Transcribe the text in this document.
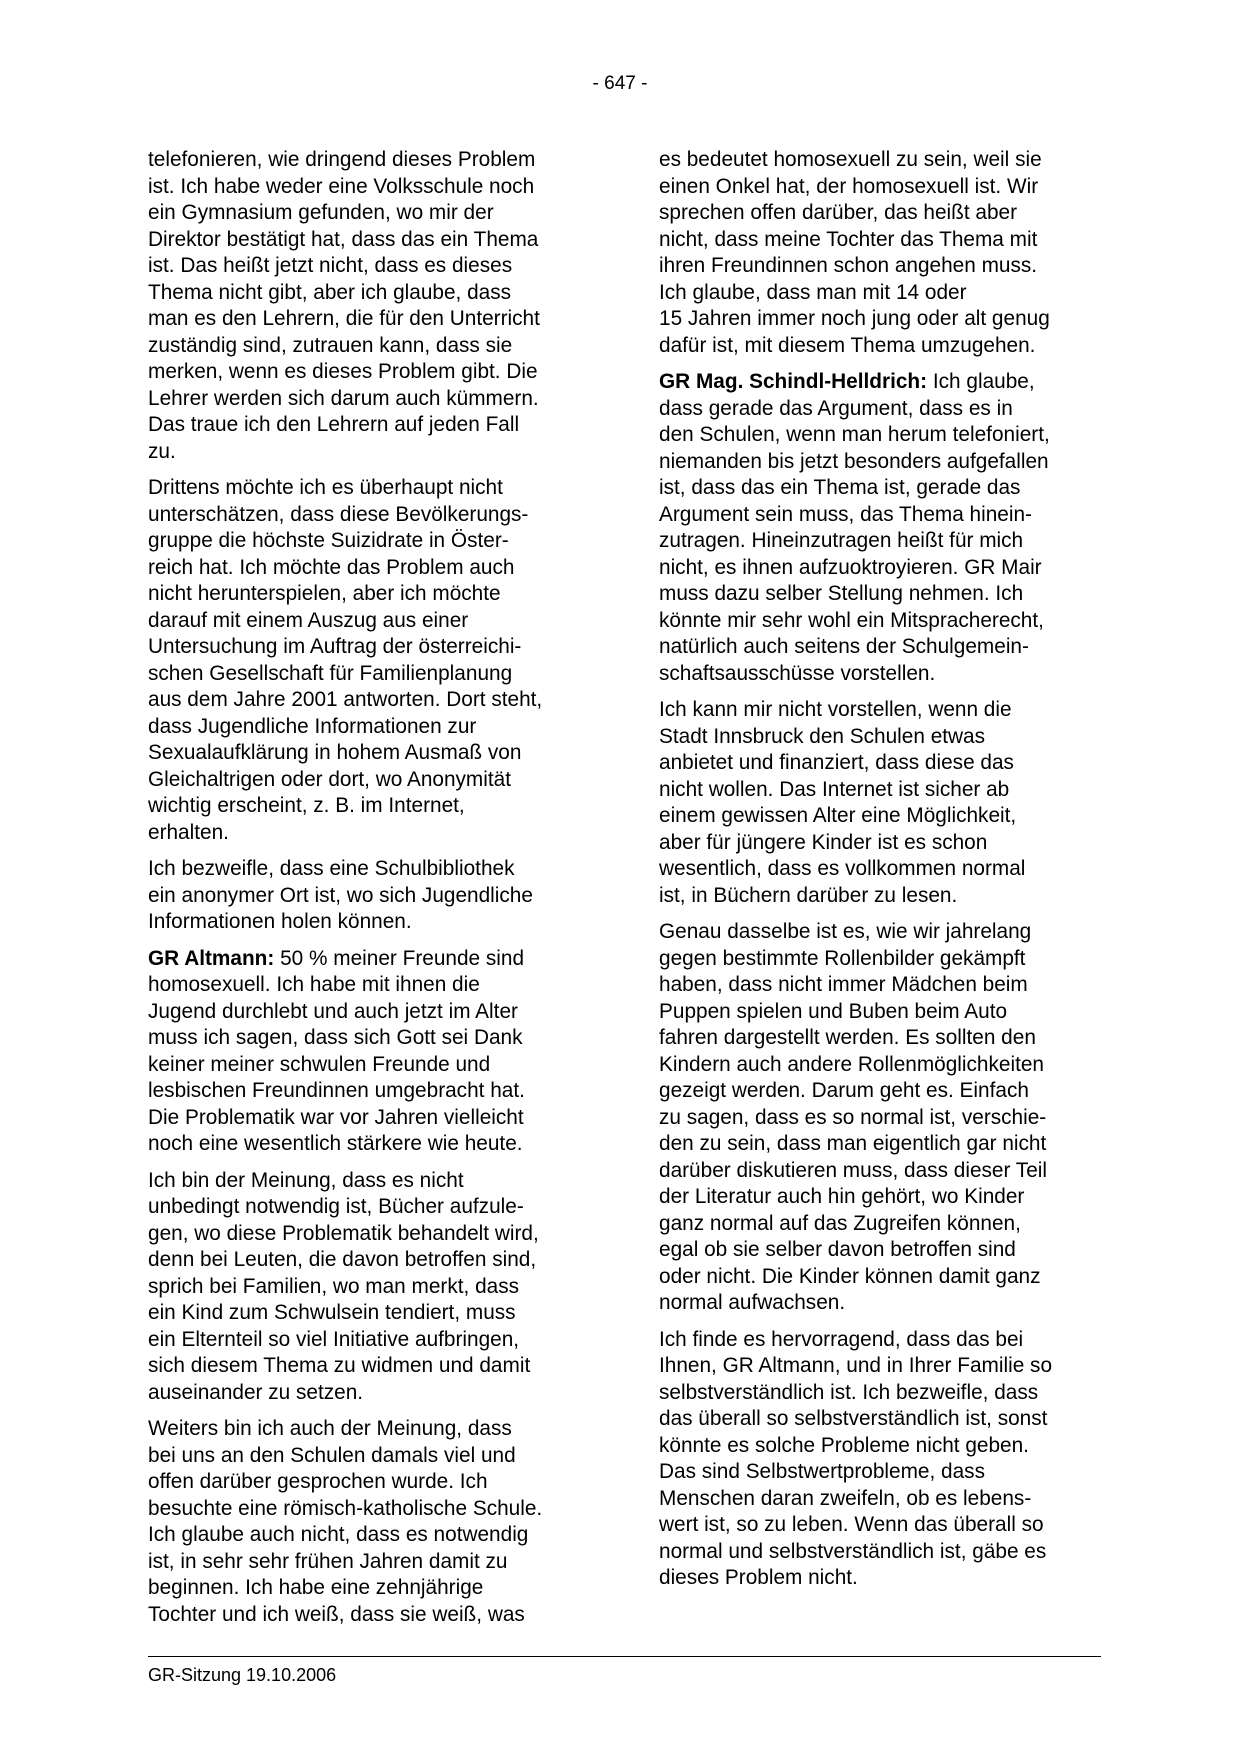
- 647 -

telefonieren, wie dringend dieses Problem
ist. Ich habe weder eine Volksschule noch
ein Gymnasium gefunden, wo mir der
Direktor bestätigt hat, dass das ein Thema
ist. Das heißt jetzt nicht, dass es dieses
Thema nicht gibt, aber ich glaube, dass
man es den Lehrern, die für den Unterricht
zuständig sind, zutrauen kann, dass sie
merken, wenn es dieses Problem gibt. Die
Lehrer werden sich darum auch kümmern.
Das traue ich den Lehrern auf jeden Fall
zu.

Drittens möchte ich es überhaupt nicht
unterschätzen, dass diese Bevölkerungs-
gruppe die höchste Suizidrate in Öster-
reich hat. Ich möchte das Problem auch
nicht herunterspielen, aber ich möchte
darauf mit einem Auszug aus einer
Untersuchung im Auftrag der österreichi-
schen Gesellschaft für Familienplanung
aus dem Jahre 2001 antworten. Dort steht,
dass Jugendliche Informationen zur
Sexualaufklärung in hohem Ausmaß von
Gleichaltrigen oder dort, wo Anonymität
wichtig erscheint, z. B. im Internet,
erhalten.

Ich bezweifle, dass eine Schulbibliothek
ein anonymer Ort ist, wo sich Jugendliche
Informationen holen können.

GR Altmann: 50 % meiner Freunde sind
homosexuell. Ich habe mit ihnen die
Jugend durchlebt und auch jetzt im Alter
muss ich sagen, dass sich Gott sei Dank
keiner meiner schwulen Freunde und
lesbischen Freundinnen umgebracht hat.
Die Problematik war vor Jahren vielleicht
noch eine wesentlich stärkere wie heute.

Ich bin der Meinung, dass es nicht
unbedingt notwendig ist, Bücher aufzule-
gen, wo diese Problematik behandelt wird,
denn bei Leuten, die davon betroffen sind,
sprich bei Familien, wo man merkt, dass
ein Kind zum Schwulsein tendiert, muss
ein Elternteil so viel Initiative aufbringen,
sich diesem Thema zu widmen und damit
auseinander zu setzen.

Weiters bin ich auch der Meinung, dass
bei uns an den Schulen damals viel und
offen darüber gesprochen wurde. Ich
besuchte eine römisch-katholische Schule.
Ich glaube auch nicht, dass es notwendig
ist, in sehr sehr frühen Jahren damit zu
beginnen. Ich habe eine zehnjährige
Tochter und ich weiß, dass sie weiß, was

es bedeutet homosexuell zu sein, weil sie
einen Onkel hat, der homosexuell ist. Wir
sprechen offen darüber, das heißt aber
nicht, dass meine Tochter das Thema mit
ihren Freundinnen schon angehen muss.
Ich glaube, dass man mit 14 oder
15 Jahren immer noch jung oder alt genug
dafür ist, mit diesem Thema umzugehen.

GR Mag. Schindl-Helldrich: Ich glaube,
dass gerade das Argument, dass es in
den Schulen, wenn man herum telefoniert,
niemanden bis jetzt besonders aufgefallen
ist, dass das ein Thema ist, gerade das
Argument sein muss, das Thema hinein-
zutragen. Hineinzutragen heißt für mich
nicht, es ihnen aufzuoktroyieren. GR Mair
muss dazu selber Stellung nehmen. Ich
könnte mir sehr wohl ein Mitspracherecht,
natürlich auch seitens der Schulgemein-
schaftsausschüsse vorstellen.

Ich kann mir nicht vorstellen, wenn die
Stadt Innsbruck den Schulen etwas
anbietet und finanziert, dass diese das
nicht wollen. Das Internet ist sicher ab
einem gewissen Alter eine Möglichkeit,
aber für jüngere Kinder ist es schon
wesentlich, dass es vollkommen normal
ist, in Büchern darüber zu lesen.

Genau dasselbe ist es, wie wir jahrelang
gegen bestimmte Rollenbilder gekämpft
haben, dass nicht immer Mädchen beim
Puppen spielen und Buben beim Auto
fahren dargestellt werden. Es sollten den
Kindern auch andere Rollenmöglichkeiten
gezeigt werden. Darum geht es. Einfach
zu sagen, dass es so normal ist, verschie-
den zu sein, dass man eigentlich gar nicht
darüber diskutieren muss, dass dieser Teil
der Literatur auch hin gehört, wo Kinder
ganz normal auf das Zugreifen können,
egal ob sie selber davon betroffen sind
oder nicht. Die Kinder können damit ganz
normal aufwachsen.

Ich finde es hervorragend, dass das bei
Ihnen, GR Altmann, und in Ihrer Familie so
selbstverständlich ist. Ich bezweifle, dass
das überall so selbstverständlich ist, sonst
könnte es solche Probleme nicht geben.
Das sind Selbstwertprobleme, dass
Menschen daran zweifeln, ob es lebens-
wert ist, so zu leben. Wenn das überall so
normal und selbstverständlich ist, gäbe es
dieses Problem nicht.

GR-Sitzung 19.10.2006
